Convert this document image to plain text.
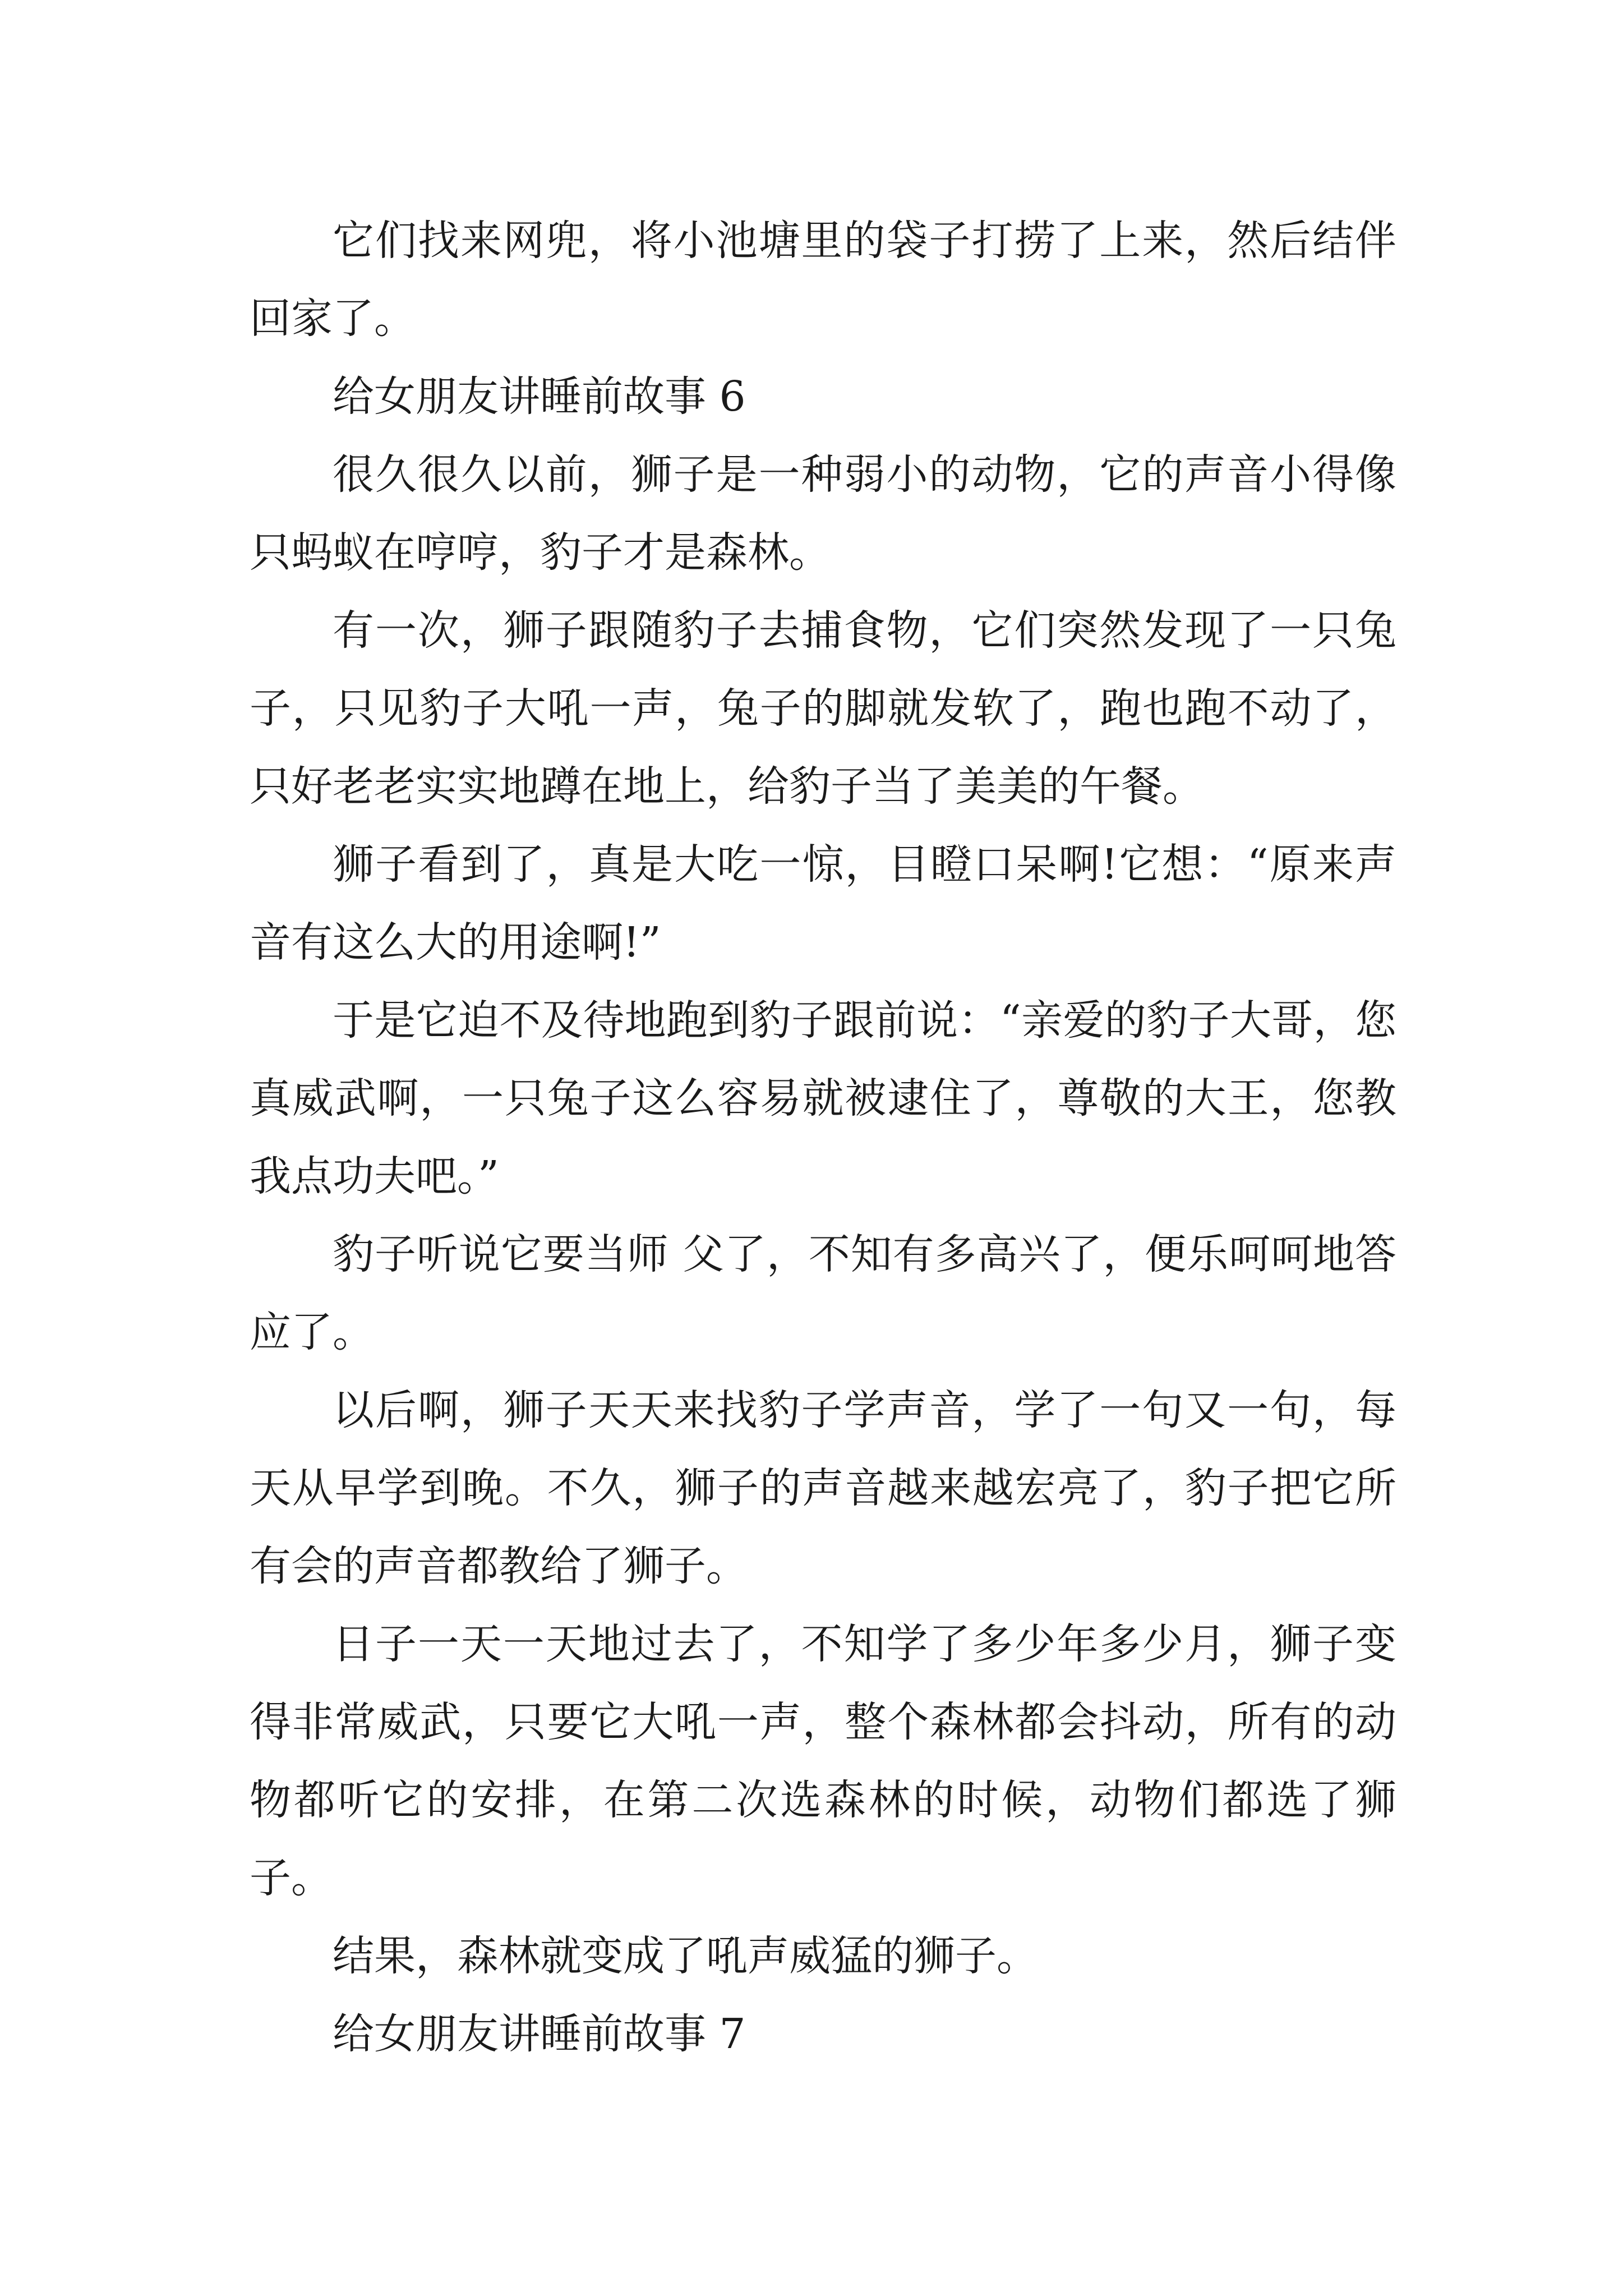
它们找来网兜，将小池塘里的袋子打捞了上来，然后结伴回家了。

给女朋友讲睡前故事 6

很久很久以前，狮子是一种弱小的动物，它的声音小得像只蚂蚁在哼哼，豹子才是森林。

有一次，狮子跟随豹子去捕食物，它们突然发现了一只兔子，只见豹子大吼一声，兔子的脚就发软了，跑也跑不动了，只好老老实实地蹲在地上，给豹子当了美美的午餐。

狮子看到了，真是大吃一惊，目瞪口呆啊!它想：“原来声音有这么大的用途啊!”

于是它迫不及待地跑到豹子跟前说：“亲爱的豹子大哥，您真威武啊，一只兔子这么容易就被逮住了，尊敬的大王，您教我点功夫吧。”

豹子听说它要当师 父了，不知有多高兴了，便乐呵呵地答应了。

以后啊，狮子天天来找豹子学声音，学了一句又一句，每天从早学到晚。不久，狮子的声音越来越宏亮了，豹子把它所有会的声音都教给了狮子。

日子一天一天地过去了，不知学了多少年多少月，狮子变得非常威武，只要它大吼一声，整个森林都会抖动，所有的动物都听它的安排，在第二次选森林的时候，动物们都选了狮子。

结果，森林就变成了吼声威猛的狮子。

给女朋友讲睡前故事 7
